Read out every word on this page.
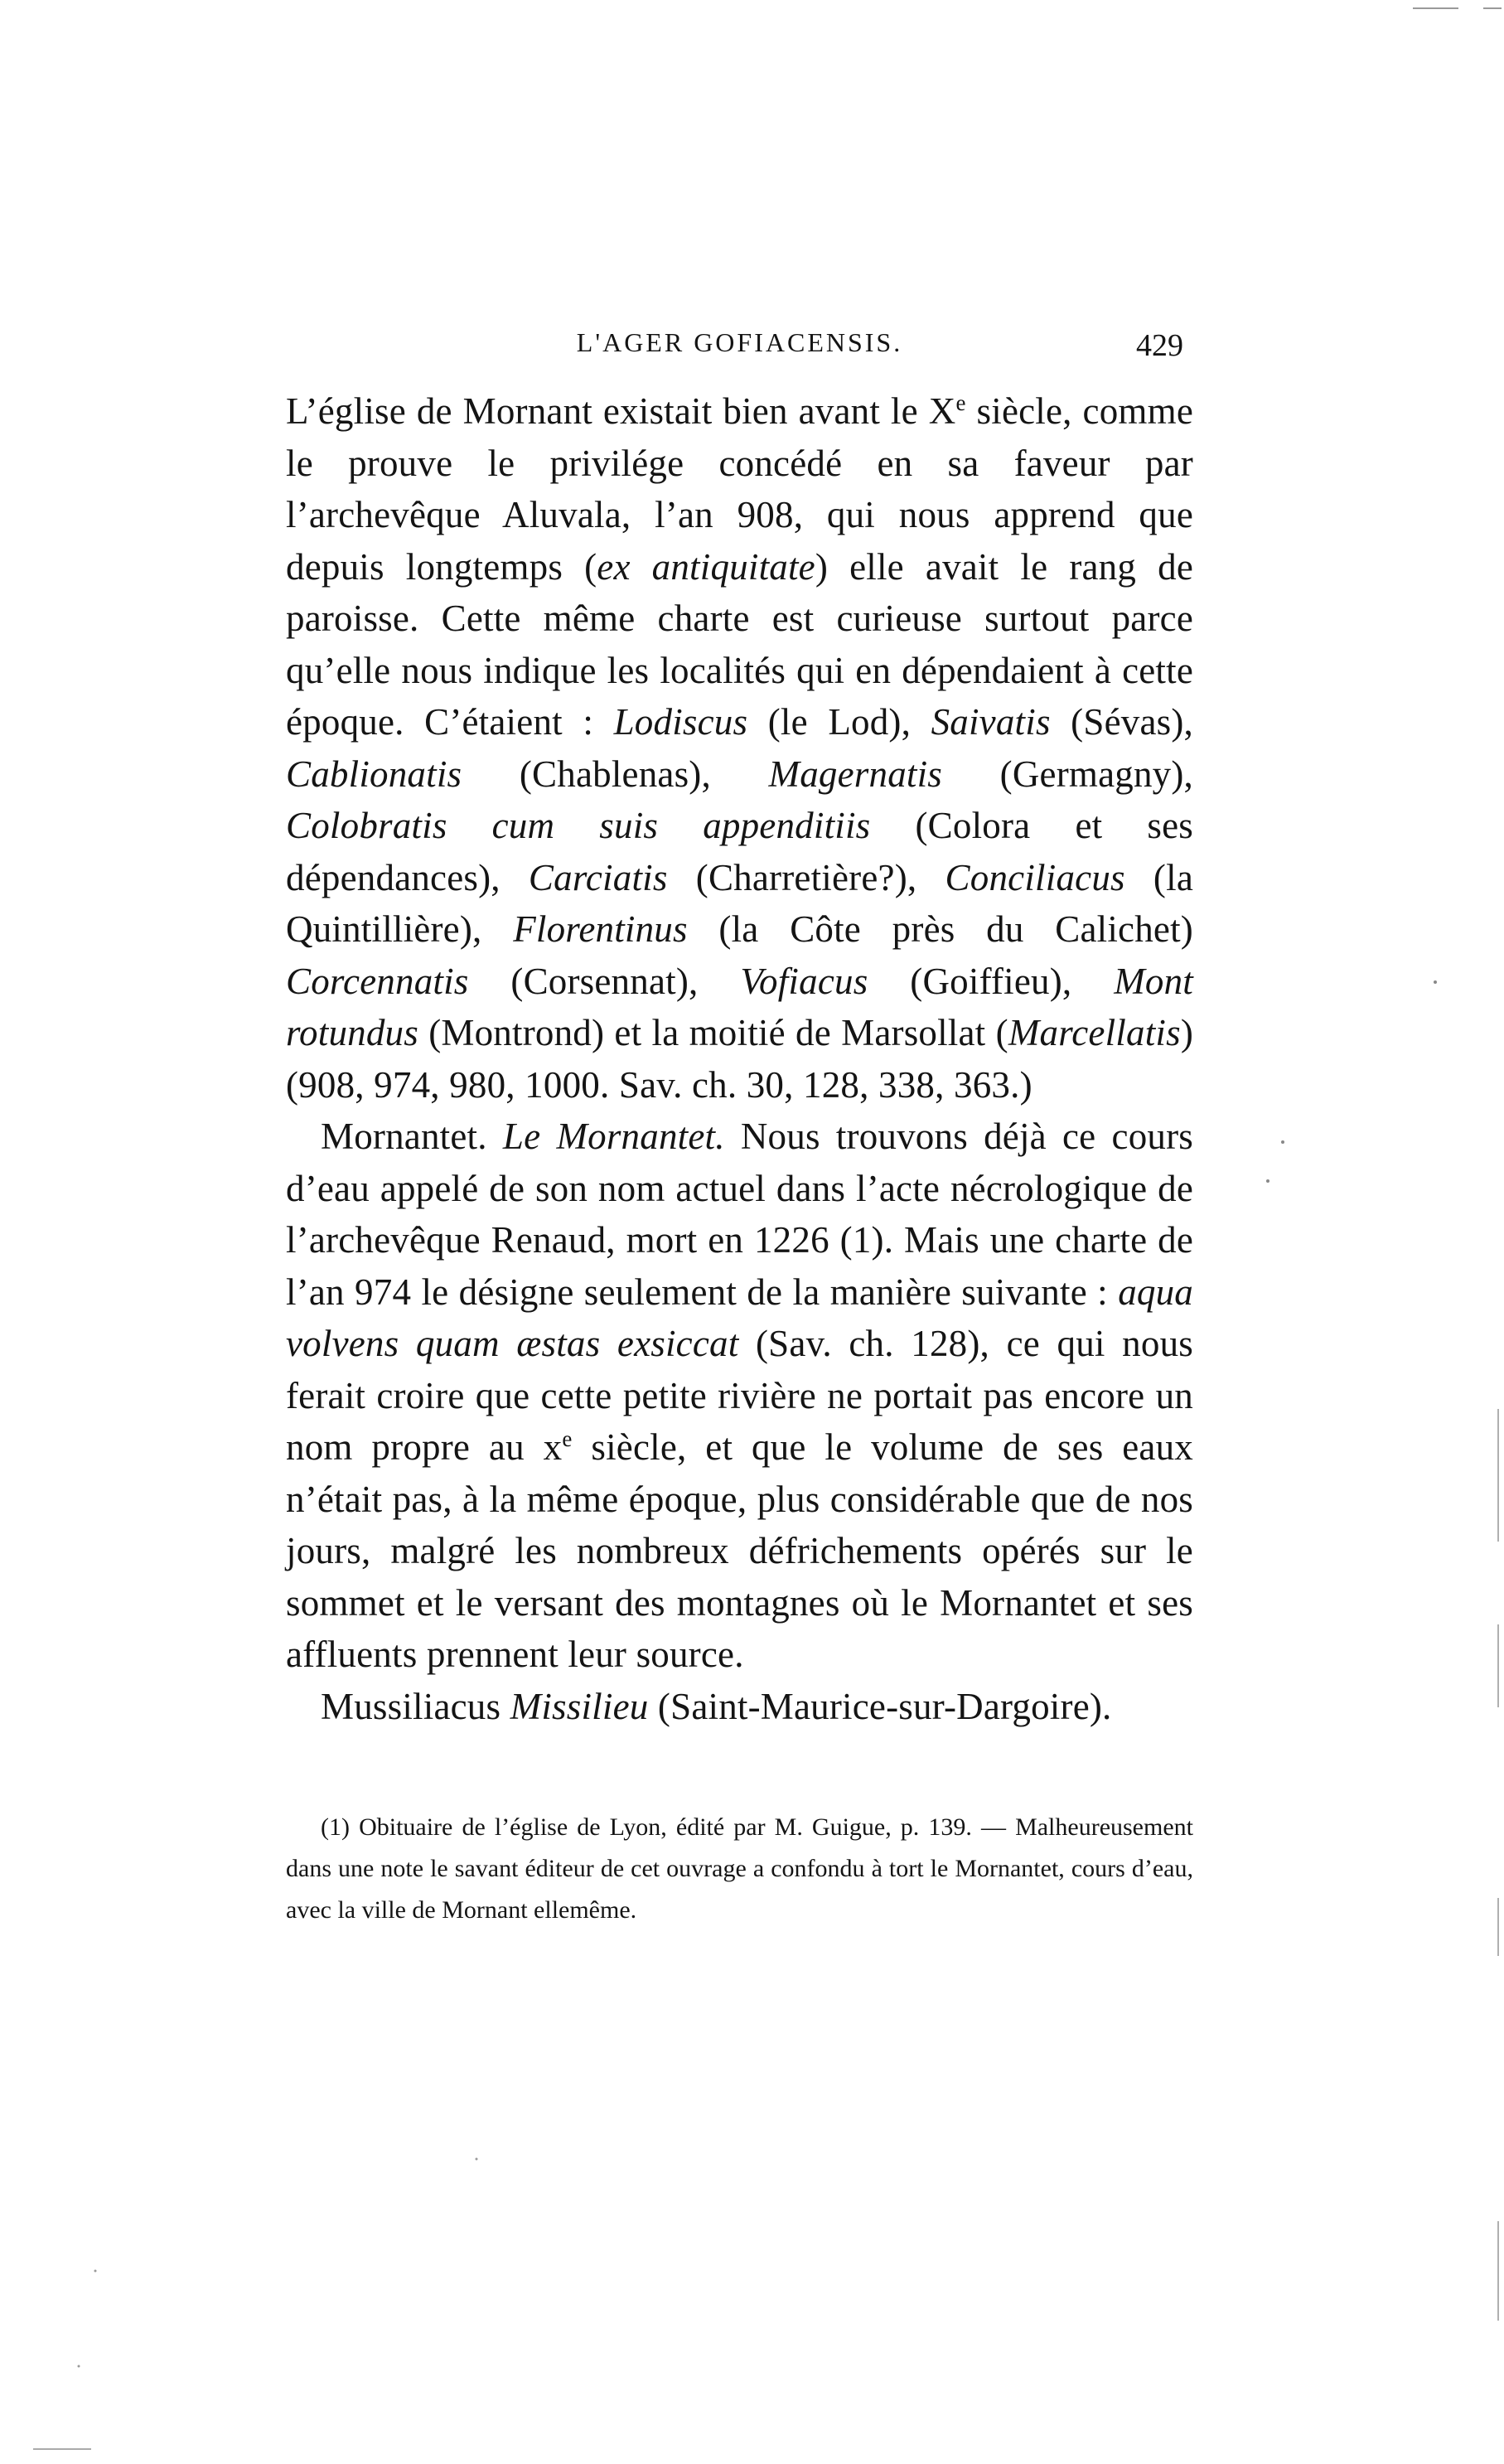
L'AGER GOFIACENSIS.	429

L’église de Mornant existait bien avant le Xe siècle, comme le prouve le privilége concédé en sa faveur par l’archevêque Aluvala, l’an 908, qui nous apprend que depuis longtemps (ex antiquitate) elle avait le rang de paroisse. Cette même charte est curieuse surtout parce qu’elle nous indique les localités qui en dépendaient à cette époque. C’étaient : Lodiscus (le Lod), Saivatis (Sévas), Cablionatis (Chablenas), Magernatis (Germagny), Colobratis cum suis appenditiis (Colora et ses dépendances), Carciatis (Charretière?), Conciliacus (la Quintillière), Florentinus (la Côte près du Calichet) Corcennatis (Corsennat), Vofiacus (Goiffieu), Mont rotundus (Montrond) et la moitié de Marsollat (Marcellatis) (908, 974, 980, 1000. Sav. ch. 30, 128, 338, 363.)

Mornantet. Le Mornantet. Nous trouvons déjà ce cours d’eau appelé de son nom actuel dans l’acte nécrologique de l’archevêque Renaud, mort en 1226 (1). Mais une charte de l’an 974 le désigne seulement de la manière suivante : aqua volvens quam æstas exsiccat (Sav. ch. 128), ce qui nous ferait croire que cette petite rivière ne portait pas encore un nom propre au $x^e$ siècle, et que le volume de ses eaux n’était pas, à la même époque, plus considérable que de nos jours, malgré les nombreux défrichements opérés sur le sommet et le versant des montagnes où le Mornantet et ses affluents prennent leur source.

Mussiliacus Missilieu (Saint-Maurice-sur-Dargoire).

(1) Obituaire de l’église de Lyon, édité par M. Guigue, p. 139. — Malheureusement dans une note le savant éditeur de cet ouvrage a confondu à tort le Mornantet, cours d’eau, avec la ville de Mornant ellemême.
